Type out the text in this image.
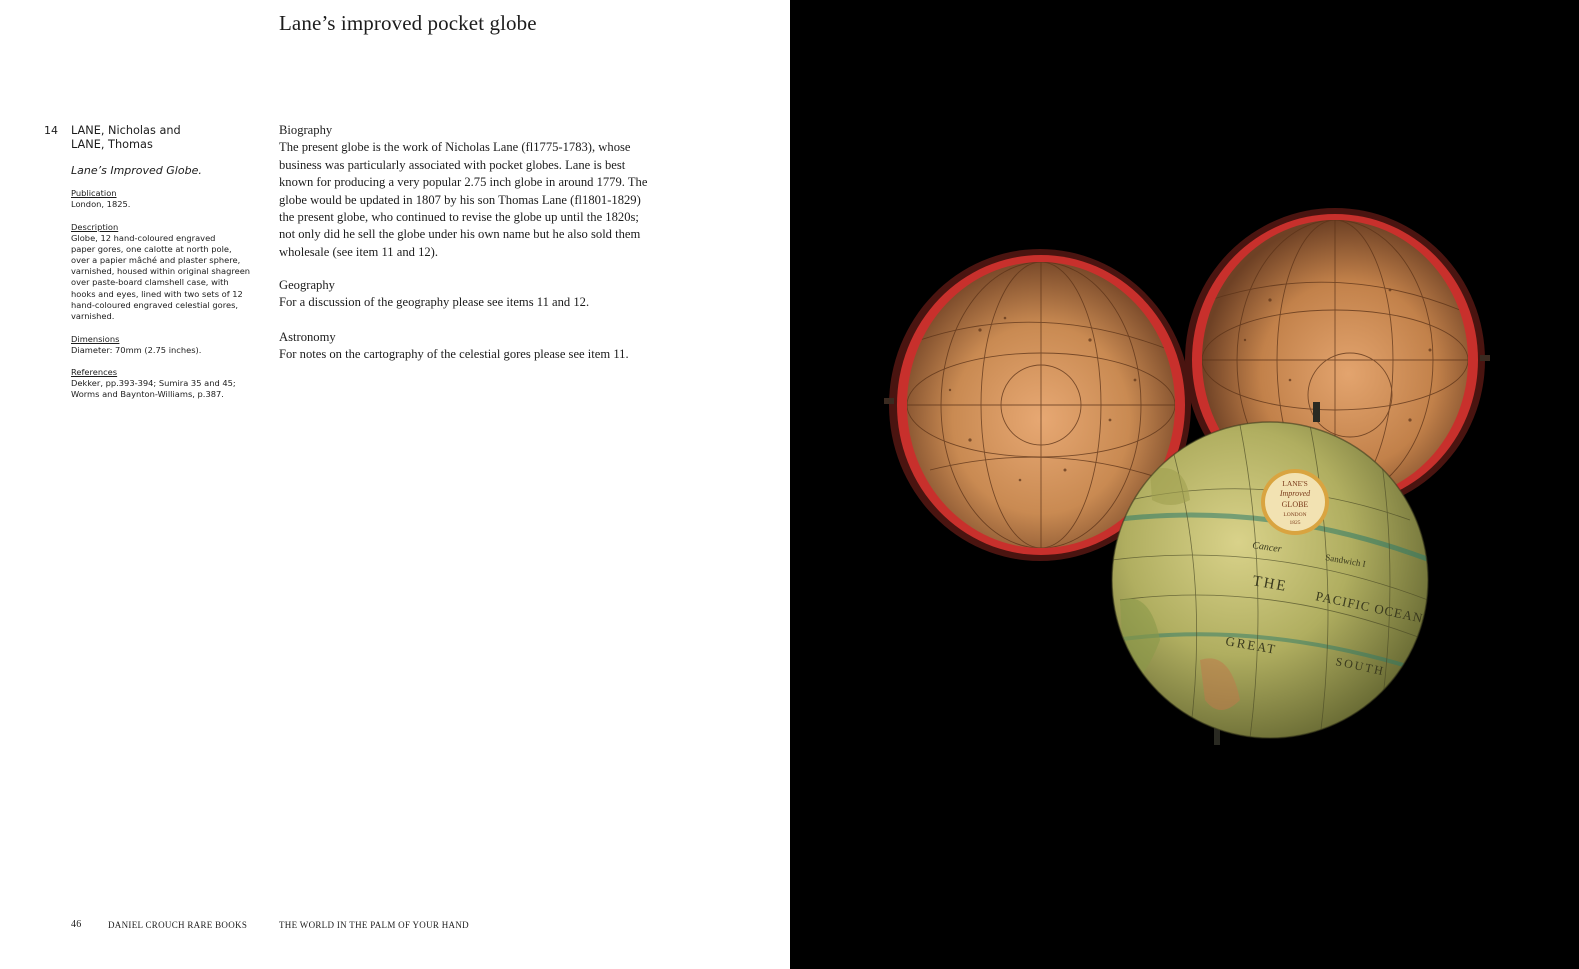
Lane’s improved pocket globe
14 LANE, Nicholas and
LANE, Thomas
Lane’s Improved Globe.
Publication
London, 1825.
Description
Globe, 12 hand-coloured engraved
paper gores, one calotte at north pole,
over a papier mâché and plaster sphere,
varnished, housed within original shagreen
over paste-board clamshell case, with
hooks and eyes, lined with two sets of 12
hand-coloured engraved celestial gores,
varnished.
Dimensions
Diameter: 70mm (2.75 inches).
References
Dekker, pp.393-394; Sumira 35 and 45;
Worms and Baynton-Williams, p.387.
Biography
The present globe is the work of Nicholas Lane (fl1775-1783), whose
business was particularly associated with pocket globes. Lane is best
known for producing a very popular 2.75 inch globe in around 1779. The
globe would be updated in 1807 by his son Thomas Lane (fl1801-1829)
the present globe, who continued to revise the globe up until the 1820s;
not only did he sell the globe under his own name but he also sold them
wholesale (see item 11 and 12).
Geography
For a discussion of the geography please see items 11 and 12.
Astronomy
For notes on the cartography of the celestial gores please see item 11.
46	DANIEL CROUCH RARE BOOKS	THE WORLD IN THE PALM OF YOUR HAND
LANE'S
Improved
GLOBE
LONDON
1825
Cancer
Sandwich I
THE
PACIFIC OCEAN
GREAT
SOUTH
